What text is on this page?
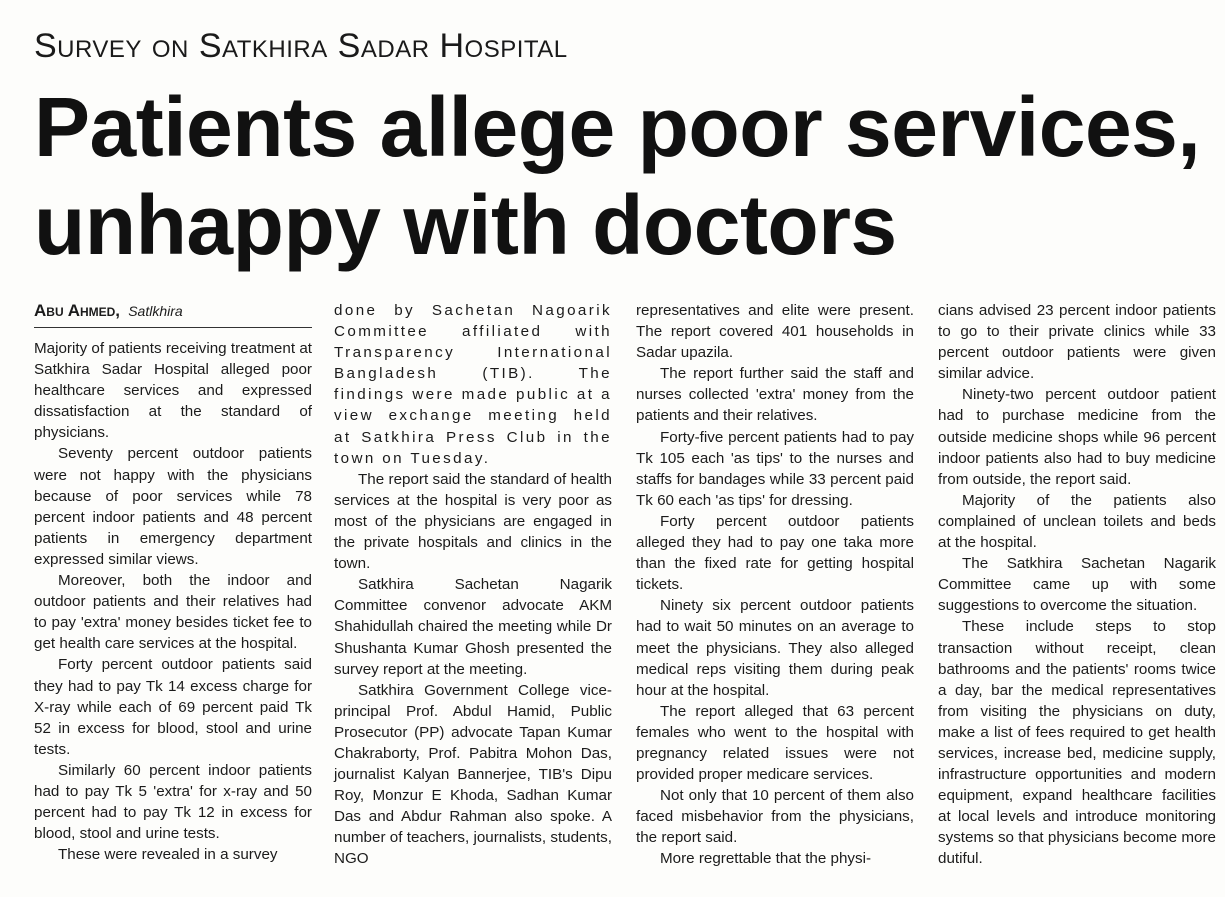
Survey on Satkhira Sadar Hospital
Patients allege poor services,
unhappy with doctors
Abu Ahmed, Satlkhira

Majority of patients receiving treatment at Satkhira Sadar Hospital alleged poor healthcare services and expressed dissatisfaction at the standard of physicians.

Seventy percent outdoor patients were not happy with the physicians because of poor services while 78 percent indoor patients and 48 percent patients in emergency department expressed similar views.

Moreover, both the indoor and outdoor patients and their relatives had to pay 'extra' money besides ticket fee to get health care services at the hospital.

Forty percent outdoor patients said they had to pay Tk 14 excess charge for X-ray while each of 69 percent paid Tk 52 in excess for blood, stool and urine tests.

Similarly 60 percent indoor patients had to pay Tk 5 'extra' for x-ray and 50 percent had to pay Tk 12 in excess for blood, stool and urine tests.

These were revealed in a survey

done by Sachetan Nagoarik Committee affiliated with Transparency International Bangladesh (TIB). The findings were made public at a view exchange meeting held at Satkhira Press Club in the town on Tuesday.

The report said the standard of health services at the hospital is very poor as most of the physicians are engaged in the private hospitals and clinics in the town.

Satkhira Sachetan Nagarik Committee convenor advocate AKM Shahidullah chaired the meeting while Dr Shushanta Kumar Ghosh presented the survey report at the meeting.

Satkhira Government College vice-principal Prof. Abdul Hamid, Public Prosecutor (PP) advocate Tapan Kumar Chakraborty, Prof. Pabitra Mohon Das, journalist Kalyan Bannerjee, TIB's Dipu Roy, Monzur E Khoda, Sadhan Kumar Das and Abdur Rahman also spoke. A number of teachers, journalists, students, NGO

representatives and elite were present. The report covered 401 households in Sadar upazila.

The report further said the staff and nurses collected 'extra' money from the patients and their relatives.

Forty-five percent patients had to pay Tk 105 each 'as tips' to the nurses and staffs for bandages while 33 percent paid Tk 60 each 'as tips' for dressing.

Forty percent outdoor patients alleged they had to pay one taka more than the fixed rate for getting hospital tickets.

Ninety six percent outdoor patients had to wait 50 minutes on an average to meet the physicians. They also alleged medical reps visiting them during peak hour at the hospital.

The report alleged that 63 percent females who went to the hospital with pregnancy related issues were not provided proper medicare services.

Not only that 10 percent of them also faced misbehavior from the physicians, the report said.

More regrettable that the physi-

cians advised 23 percent indoor patients to go to their private clinics while 33 percent outdoor patients were given similar advice.

Ninety-two percent outdoor patient had to purchase medicine from the outside medicine shops while 96 percent indoor patients also had to buy medicine from outside, the report said.

Majority of the patients also complained of unclean toilets and beds at the hospital.

The Satkhira Sachetan Nagarik Committee came up with some suggestions to overcome the situation.

These include steps to stop transaction without receipt, clean bathrooms and the patients' rooms twice a day, bar the medical representatives from visiting the physicians on duty, make a list of fees required to get health services, increase bed, medicine supply, infrastructure opportunities and modern equipment, expand healthcare facilities at local levels and introduce monitoring systems so that physicians become more dutiful.
